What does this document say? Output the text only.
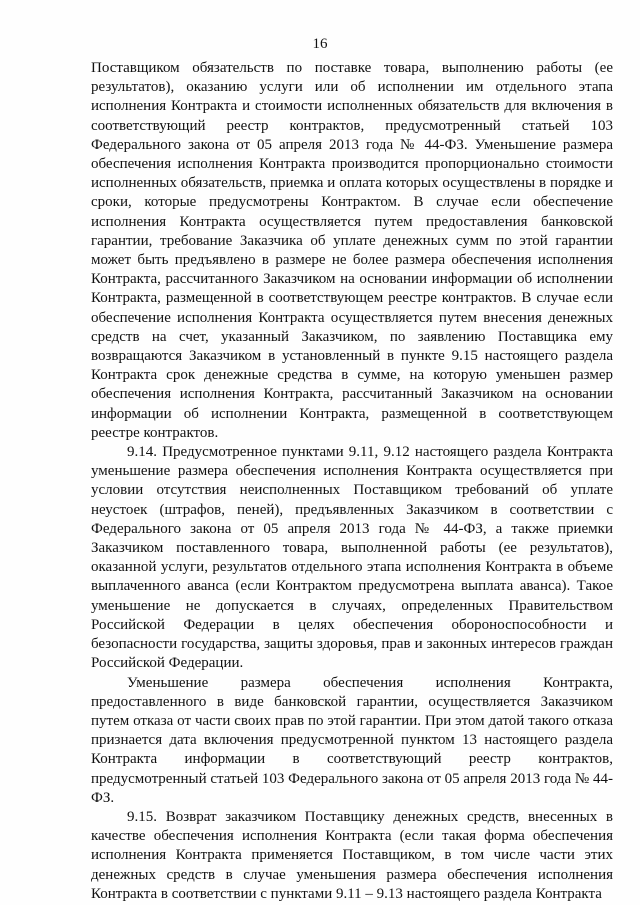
16

Поставщиком обязательств по поставке товара, выполнению работы (ее результатов), оказанию услуги или об исполнении им отдельного этапа исполнения Контракта и стоимости исполненных обязательств для включения в соответствующий реестр контрактов, предусмотренный статьей 103 Федерального закона от 05 апреля 2013 года № 44-ФЗ. Уменьшение размера обеспечения исполнения Контракта производится пропорционально стоимости исполненных обязательств, приемка и оплата которых осуществлены в порядке и сроки, которые предусмотрены Контрактом. В случае если обеспечение исполнения Контракта осуществляется путем предоставления банковской гарантии, требование Заказчика об уплате денежных сумм по этой гарантии может быть предъявлено в размере не более размера обеспечения исполнения Контракта, рассчитанного Заказчиком на основании информации об исполнении Контракта, размещенной в соответствующем реестре контрактов. В случае если обеспечение исполнения Контракта осуществляется путем внесения денежных средств на счет, указанный Заказчиком, по заявлению Поставщика ему возвращаются Заказчиком в установленный в пункте 9.15 настоящего раздела Контракта срок денежные средства в сумме, на которую уменьшен размер обеспечения исполнения Контракта, рассчитанный Заказчиком на основании информации об исполнении Контракта, размещенной в соответствующем реестре контрактов.

9.14. Предусмотренное пунктами 9.11, 9.12 настоящего раздела Контракта уменьшение размера обеспечения исполнения Контракта осуществляется при условии отсутствия неисполненных Поставщиком требований об уплате неустоек (штрафов, пеней), предъявленных Заказчиком в соответствии с Федерального закона от 05 апреля 2013 года № 44-ФЗ, а также приемки Заказчиком поставленного товара, выполненной работы (ее результатов), оказанной услуги, результатов отдельного этапа исполнения Контракта в объеме выплаченного аванса (если Контрактом предусмотрена выплата аванса). Такое уменьшение не допускается в случаях, определенных Правительством Российской Федерации в целях обеспечения обороноспособности и безопасности государства, защиты здоровья, прав и законных интересов граждан Российской Федерации.

Уменьшение размера обеспечения исполнения Контракта, предоставленного в виде банковской гарантии, осуществляется Заказчиком путем отказа от части своих прав по этой гарантии. При этом датой такого отказа признается дата включения предусмотренной пунктом 13 настоящего раздела Контракта информации в соответствующий реестр контрактов, предусмотренный статьей 103 Федерального закона от 05 апреля 2013 года № 44-ФЗ.

9.15. Возврат заказчиком Поставщику денежных средств, внесенных в качестве обеспечения исполнения Контракта (если такая форма обеспечения исполнения Контракта применяется Поставщиком, в том числе части этих денежных средств в случае уменьшения размера обеспечения исполнения Контракта в соответствии с пунктами 9.11 – 9.13 настоящего раздела Контракта
